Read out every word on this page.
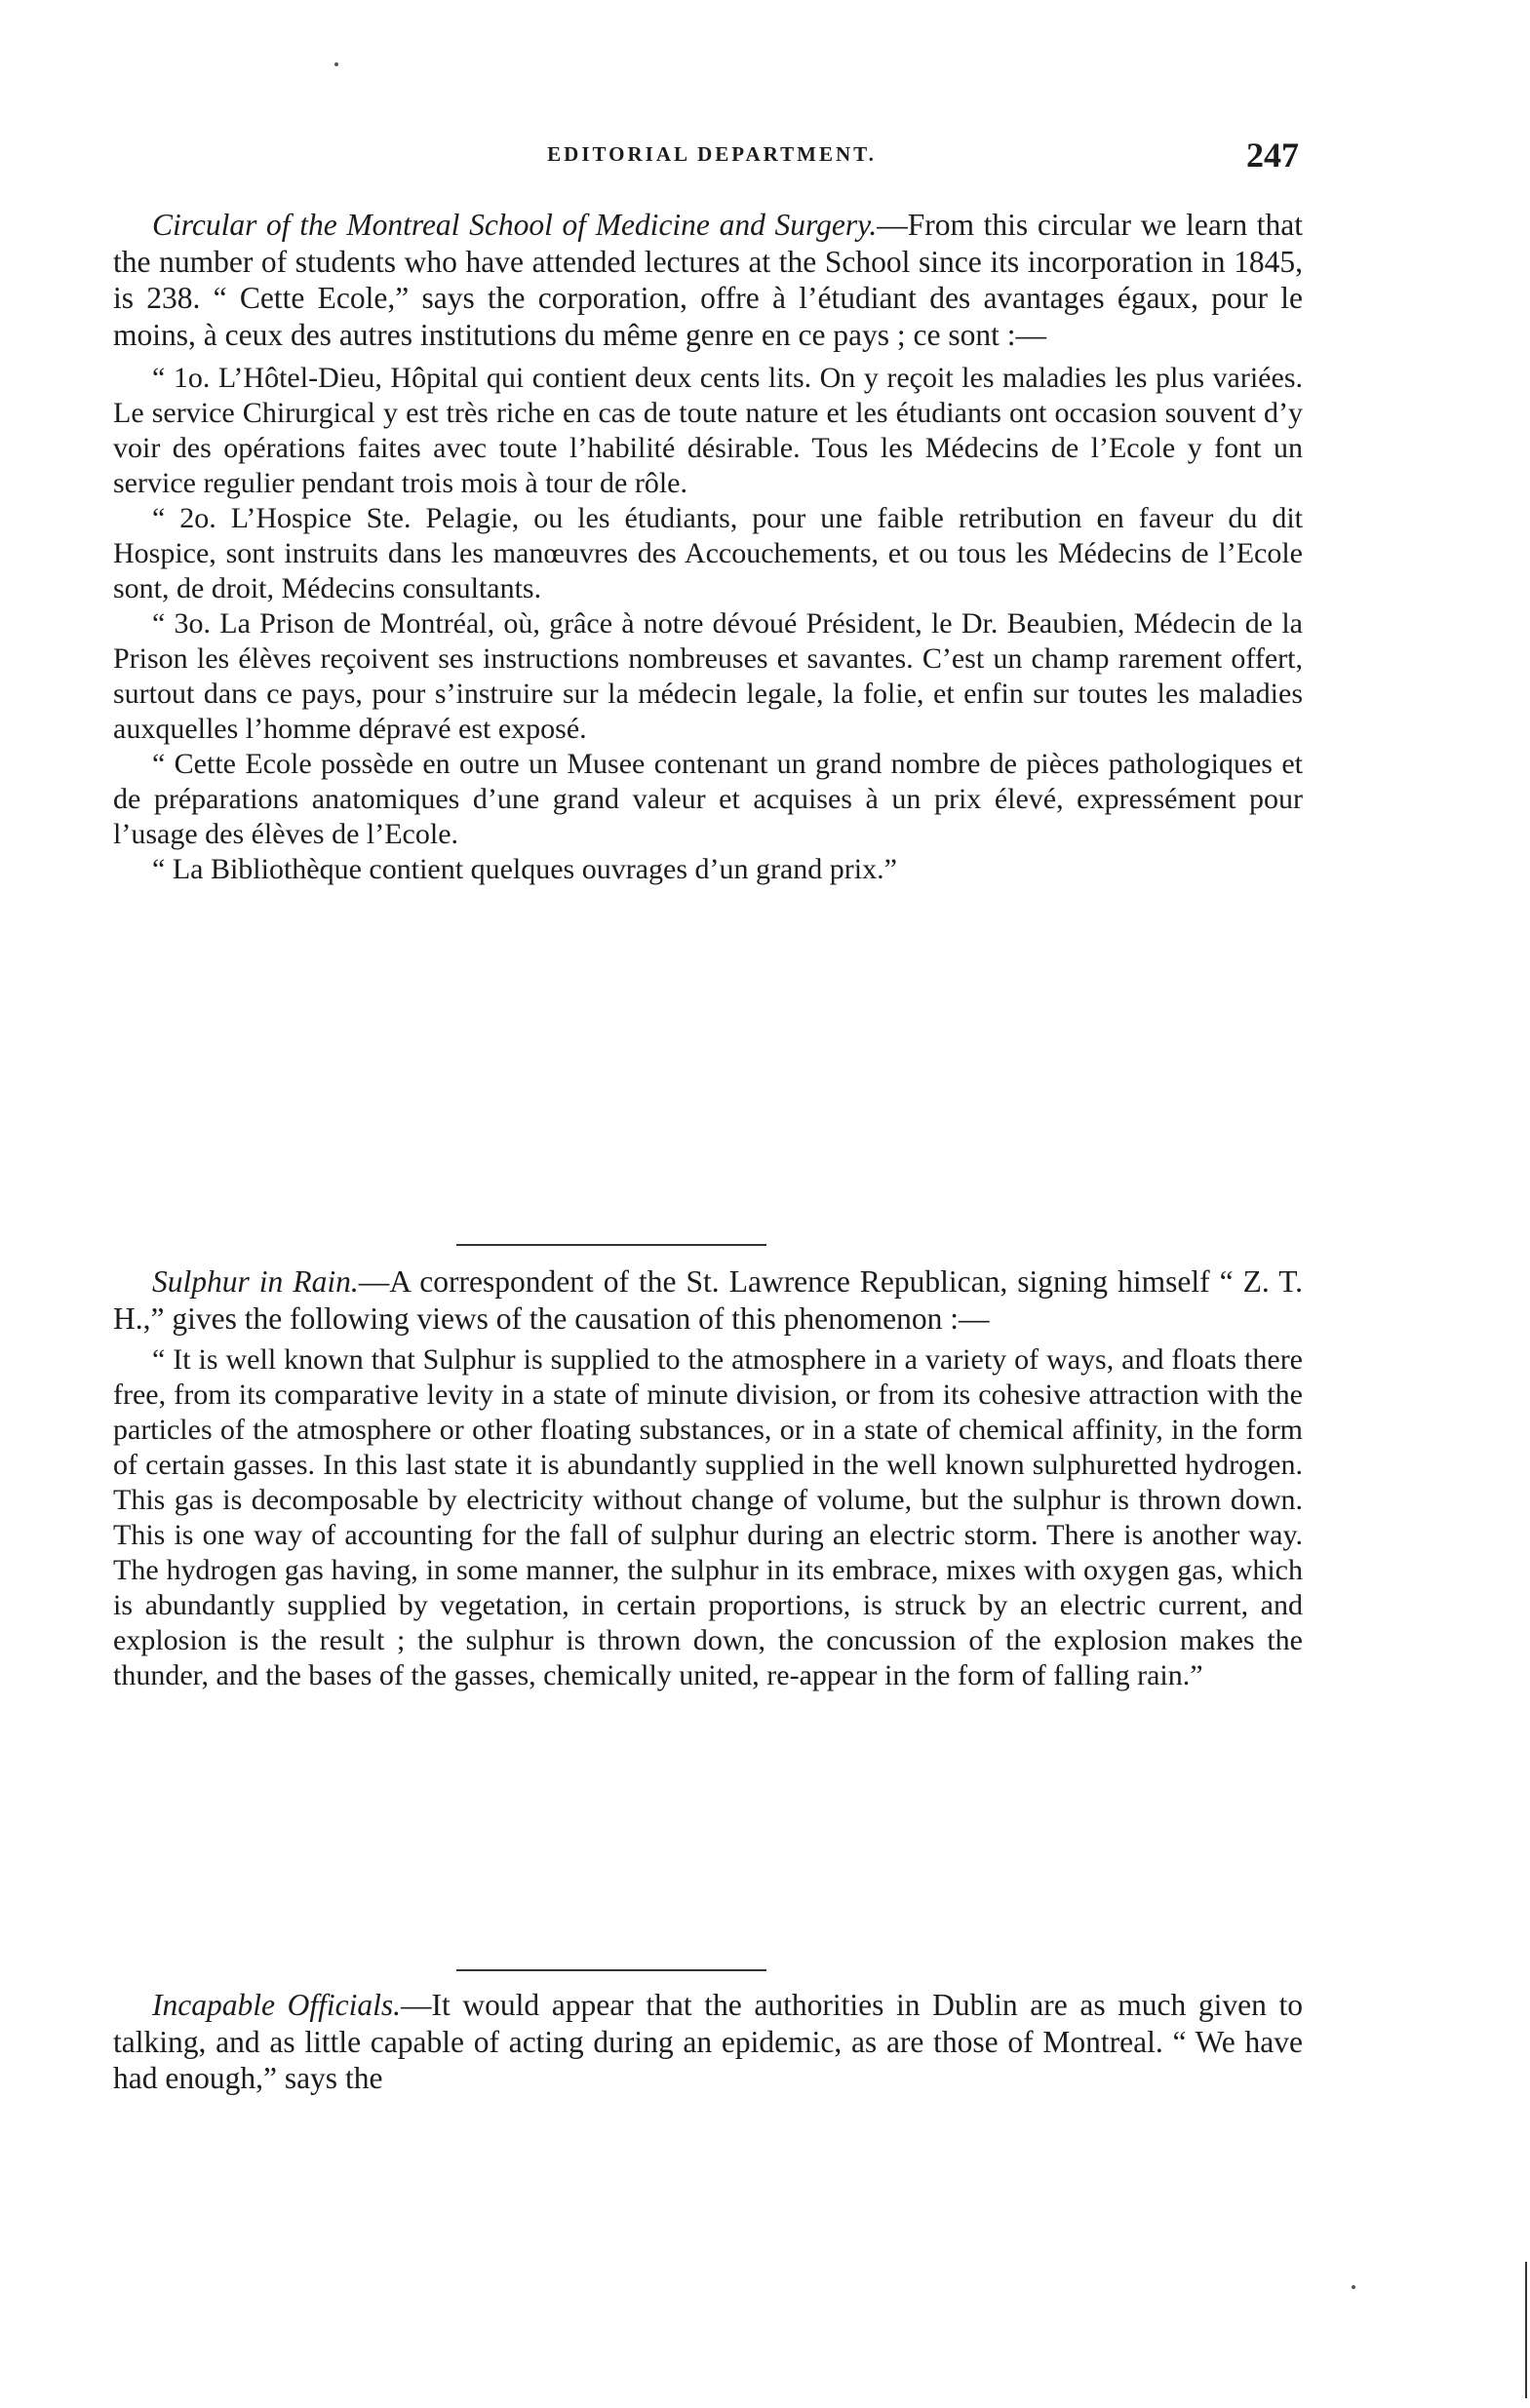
EDITORIAL DEPARTMENT.	247

Circular of the Montreal School of Medicine and Surgery.—From this circular we learn that the number of students who have attended lectures at the School since its incorporation in 1845, is 238. “ Cette Ecole,” says the corporation, offre à l’étudiant des avantages égaux, pour le moins, à ceux des autres institutions du même genre en ce pays ; ce sont :—

“ 1o. L’Hôtel-Dieu, Hôpital qui contient deux cents lits. On y reçoit les maladies les plus variées. Le service Chirurgical y est très riche en cas de toute nature et les étudiants ont occasion souvent d’y voir des opérations faites avec toute l’habilité désirable. Tous les Médecins de l’Ecole y font un service regulier pendant trois mois à tour de rôle.

“ 2o. L’Hospice Ste. Pelagie, ou les étudiants, pour une faible retribution en faveur du dit Hospice, sont instruits dans les manœuvres des Accouchements, et ou tous les Médecins de l’Ecole sont, de droit, Médecins consultants.

“ 3o. La Prison de Montréal, où, grâce à notre dévoué Président, le Dr. Beaubien, Médecin de la Prison les élèves reçoivent ses instructions nombreuses et savantes. C’est un champ rarement offert, surtout dans ce pays, pour s’instruire sur la médecin legale, la folie, et enfin sur toutes les maladies auxquelles l’homme dépravé est exposé.

“ Cette Ecole possède en outre un Musee contenant un grand nombre de pièces pathologiques et de préparations anatomiques d’une grand valeur et acquises à un prix élevé, expressément pour l’usage des élèves de l’Ecole.

“ La Bibliothèque contient quelques ouvrages d’un grand prix.”

Sulphur in Rain.—A correspondent of the St. Lawrence Republican, signing himself “ Z. T. H.,” gives the following views of the causation of this phenomenon :—

“ It is well known that Sulphur is supplied to the atmosphere in a variety of ways, and floats there free, from its comparative levity in a state of minute division, or from its cohesive attraction with the particles of the atmosphere or other floating substances, or in a state of chemical affinity, in the form of certain gasses. In this last state it is abundantly supplied in the well known sulphuretted hydrogen. This gas is decomposable by electricity without change of volume, but the sulphur is thrown down. This is one way of accounting for the fall of sulphur during an electric storm. There is another way. The hydrogen gas having, in some manner, the sulphur in its embrace, mixes with oxygen gas, which is abundantly supplied by vegetation, in certain proportions, is struck by an electric current, and explosion is the result ; the sulphur is thrown down, the concussion of the explosion makes the thunder, and the bases of the gasses, chemically united, re-appear in the form of falling rain.”

Incapable Officials.—It would appear that the authorities in Dublin are as much given to talking, and as little capable of acting during an epidemic, as are those of Montreal. “ We have had enough,” says the
